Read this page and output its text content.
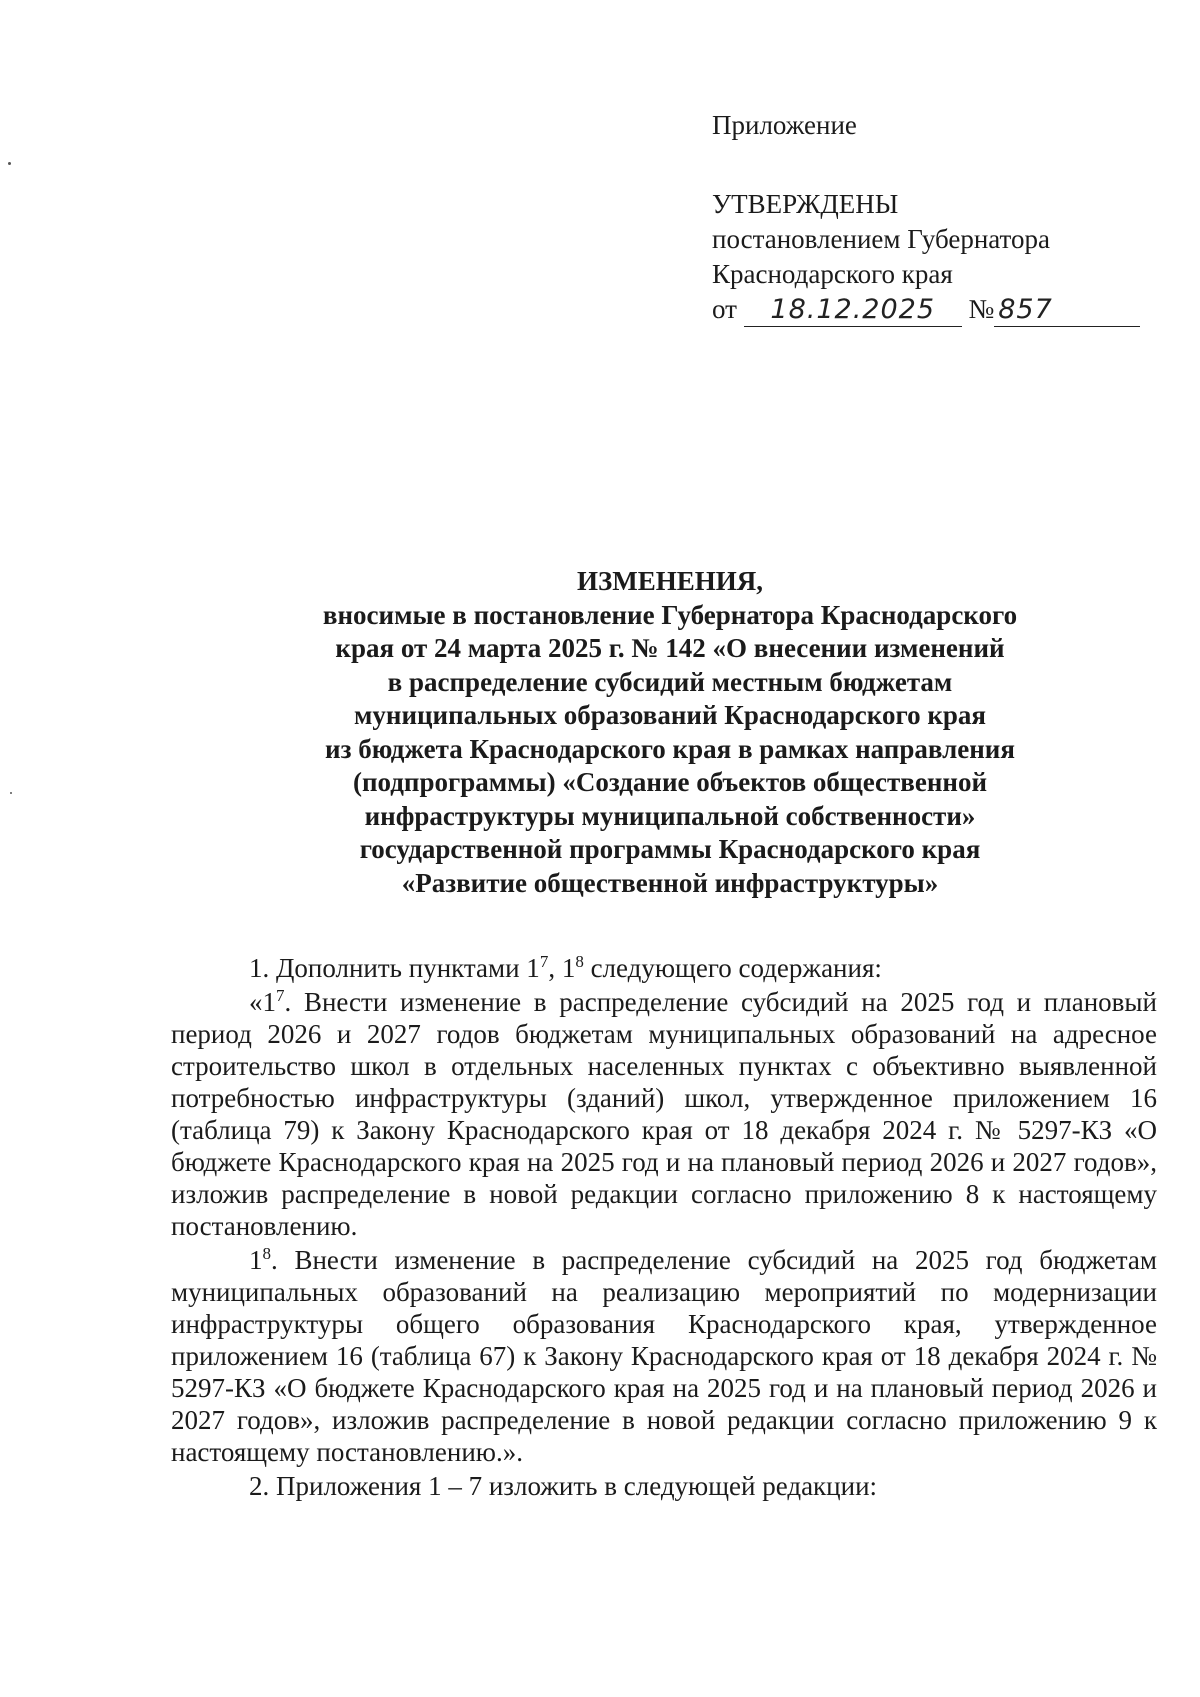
Приложение
УТВЕРЖДЕНЫ
постановлением Губернатора
Краснодарского края
от 18.12.2025 № 857
ИЗМЕНЕНИЯ,
вносимые в постановление Губернатора Краснодарского
края от 24 марта 2025 г. № 142 «О внесении изменений
в распределение субсидий местным бюджетам
муниципальных образований Краснодарского края
из бюджета Краснодарского края в рамках направления
(подпрограммы) «Создание объектов общественной
инфраструктуры муниципальной собственности»
государственной программы Краснодарского края
«Развитие общественной инфраструктуры»

1. Дополнить пунктами $1^7$, $1^8$ следующего содержания:

«$1^7$. Внести изменение в распределение субсидий на 2025 год и плановый период 2026 и 2027 годов бюджетам муниципальных образований на адресное строительство школ в отдельных населенных пунктах с объективно выявленной потребностью инфраструктуры (зданий) школ, утвержденное приложением 16 (таблица 79) к Закону Краснодарского края от 18 декабря 2024 г. № 5297-КЗ «О бюджете Краснодарского края на 2025 год и на плановый период 2026 и 2027 годов», изложив распределение в новой редакции согласно приложению 8 к настоящему постановлению.

$1^8$. Внести изменение в распределение субсидий на 2025 год бюджетам муниципальных образований на реализацию мероприятий по модернизации инфраструктуры общего образования Краснодарского края, утвержденное приложением 16 (таблица 67) к Закону Краснодарского края от 18 декабря 2024 г. № 5297-КЗ «О бюджете Краснодарского края на 2025 год и на плановый период 2026 и 2027 годов», изложив распределение в новой редакции согласно приложению 9 к настоящему постановлению.».

2. Приложения 1 – 7 изложить в следующей редакции:
